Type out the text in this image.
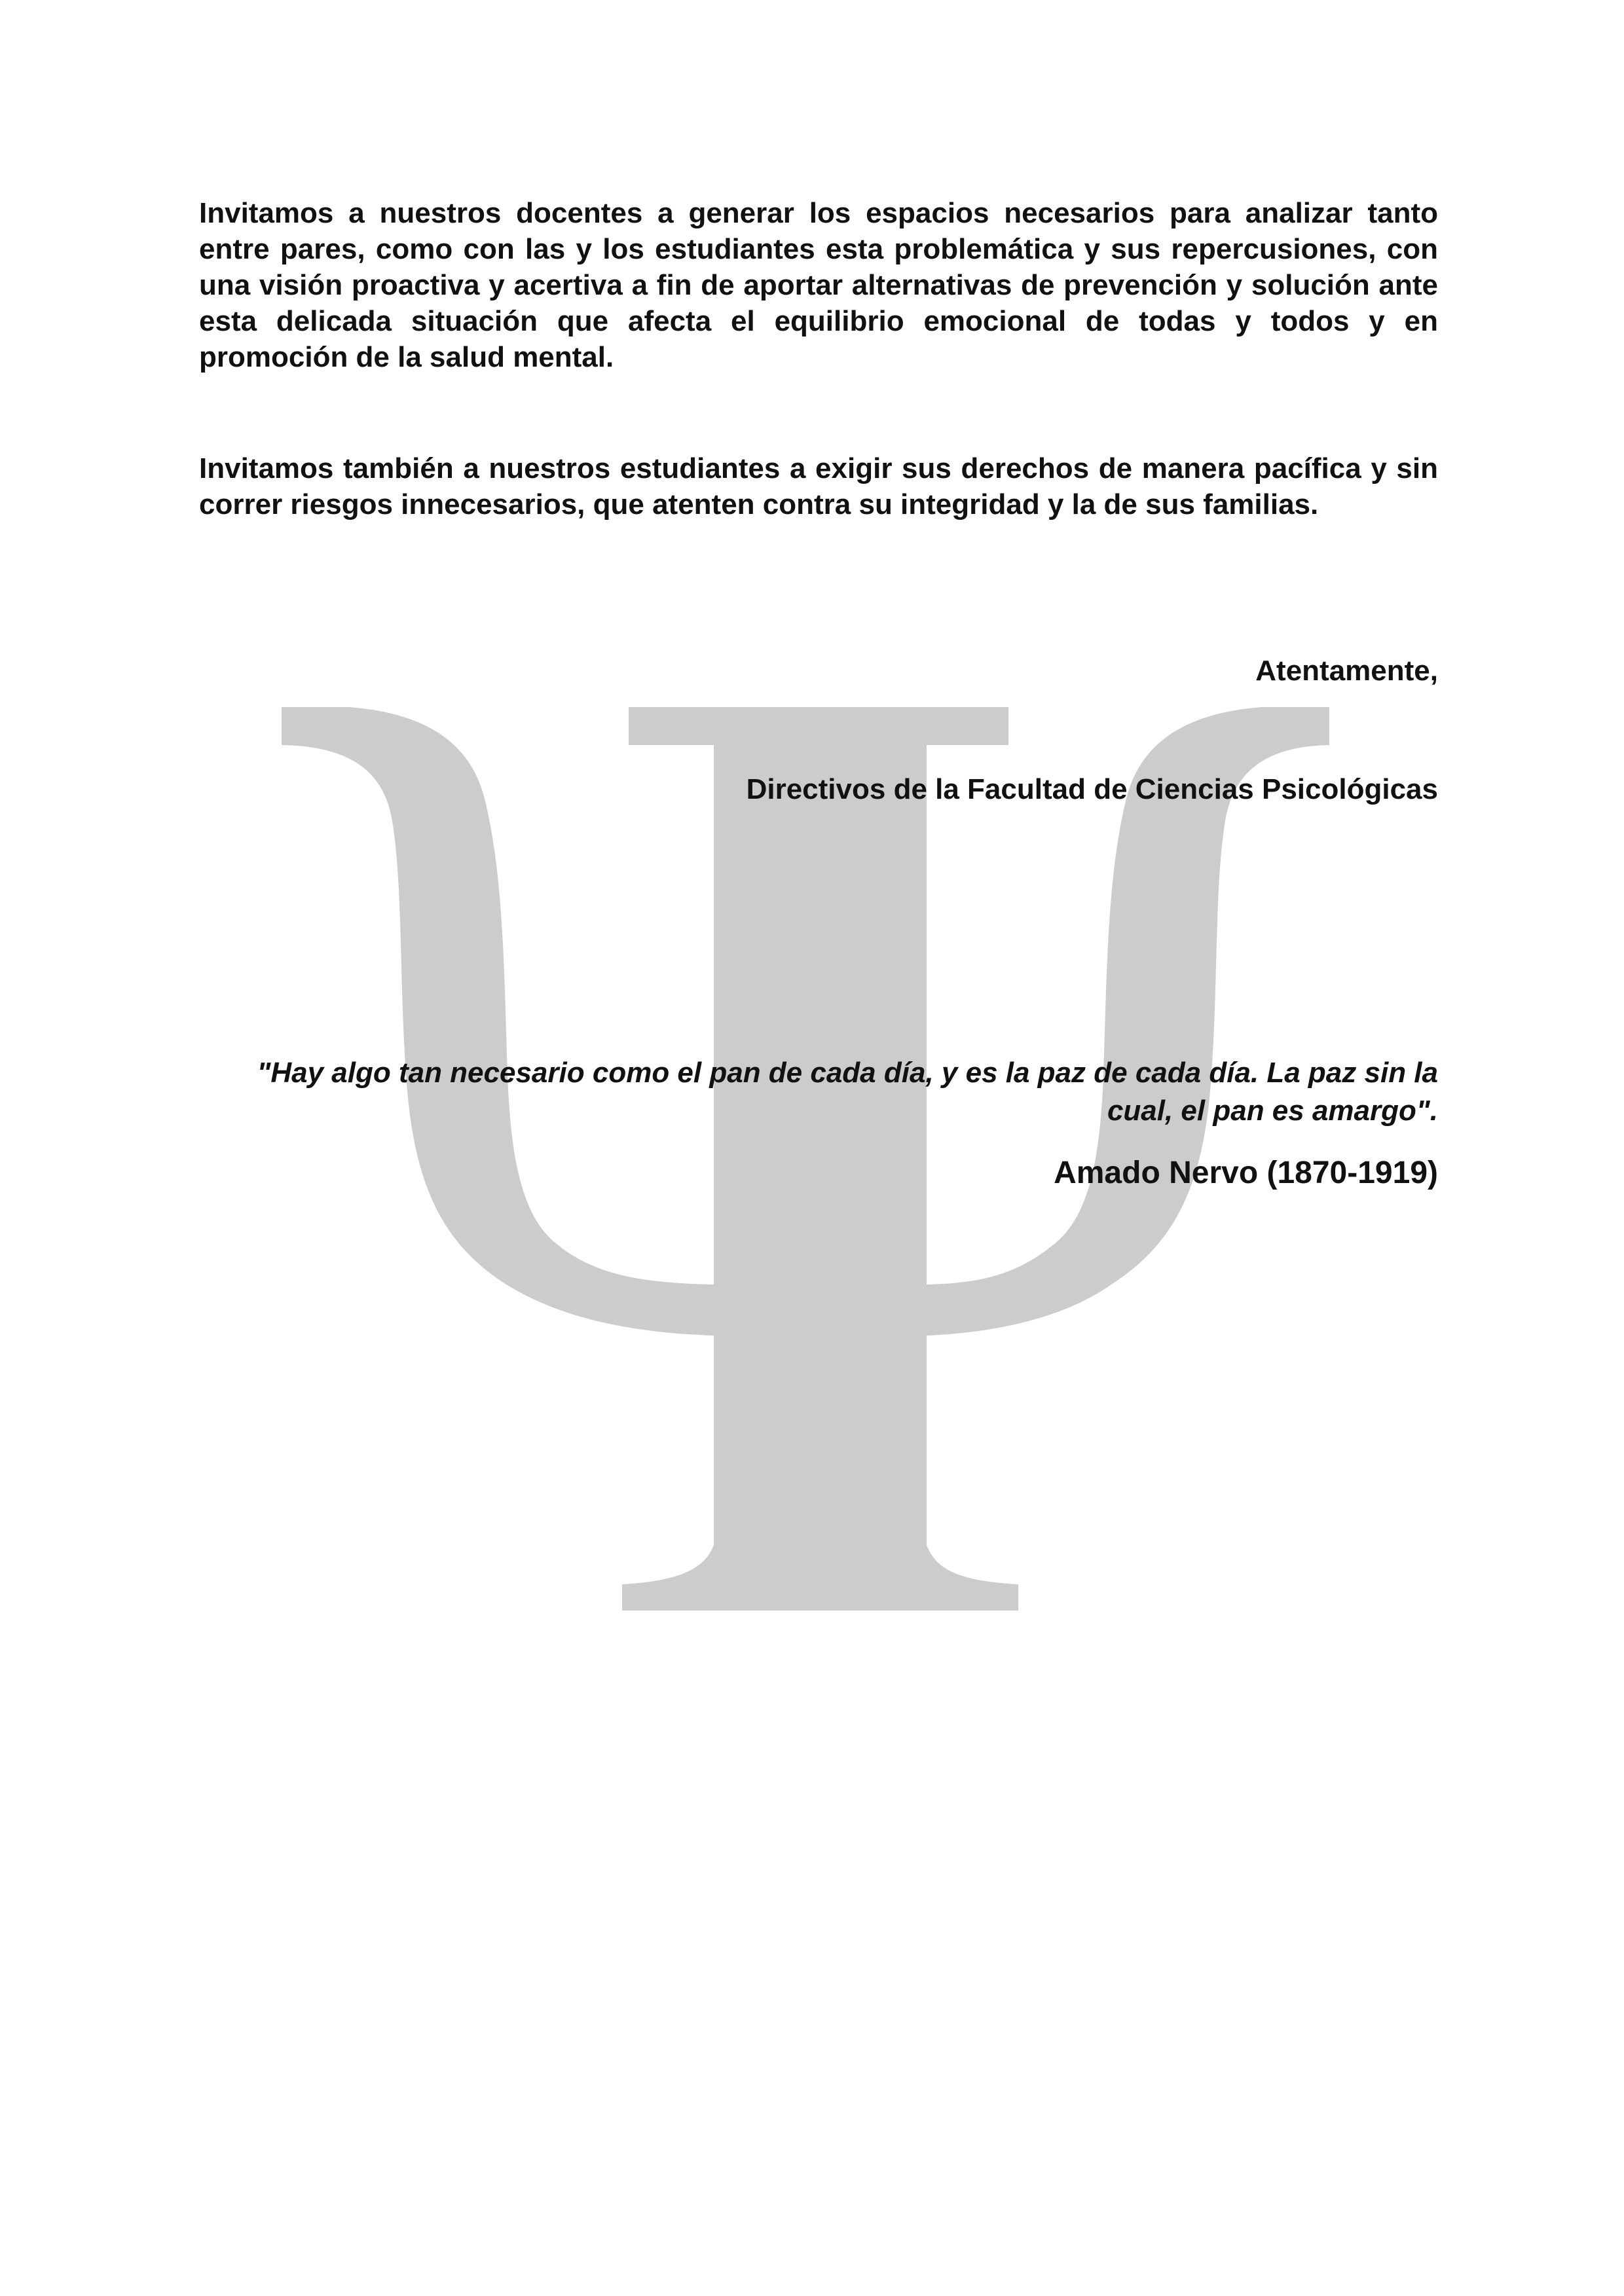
Invitamos a nuestros docentes a generar los espacios necesarios para analizar tanto entre pares, como con las y los estudiantes esta problemática y sus repercusiones, con una visión proactiva y acertiva a fin de aportar alternativas de prevención y solución ante esta delicada situación que afecta el equilibrio emocional de todas y todos y en promoción de la salud mental.

Invitamos también a nuestros estudiantes a exigir sus derechos de manera pacífica y sin correr riesgos innecesarios, que atenten contra su integridad y la de sus familias.

Atentamente,

Directivos de la Facultad de Ciencias Psicológicas

"Hay algo tan necesario como el pan de cada día, y es la paz de cada día. La paz sin la cual, el pan es amargo".

Amado Nervo (1870-1919)
